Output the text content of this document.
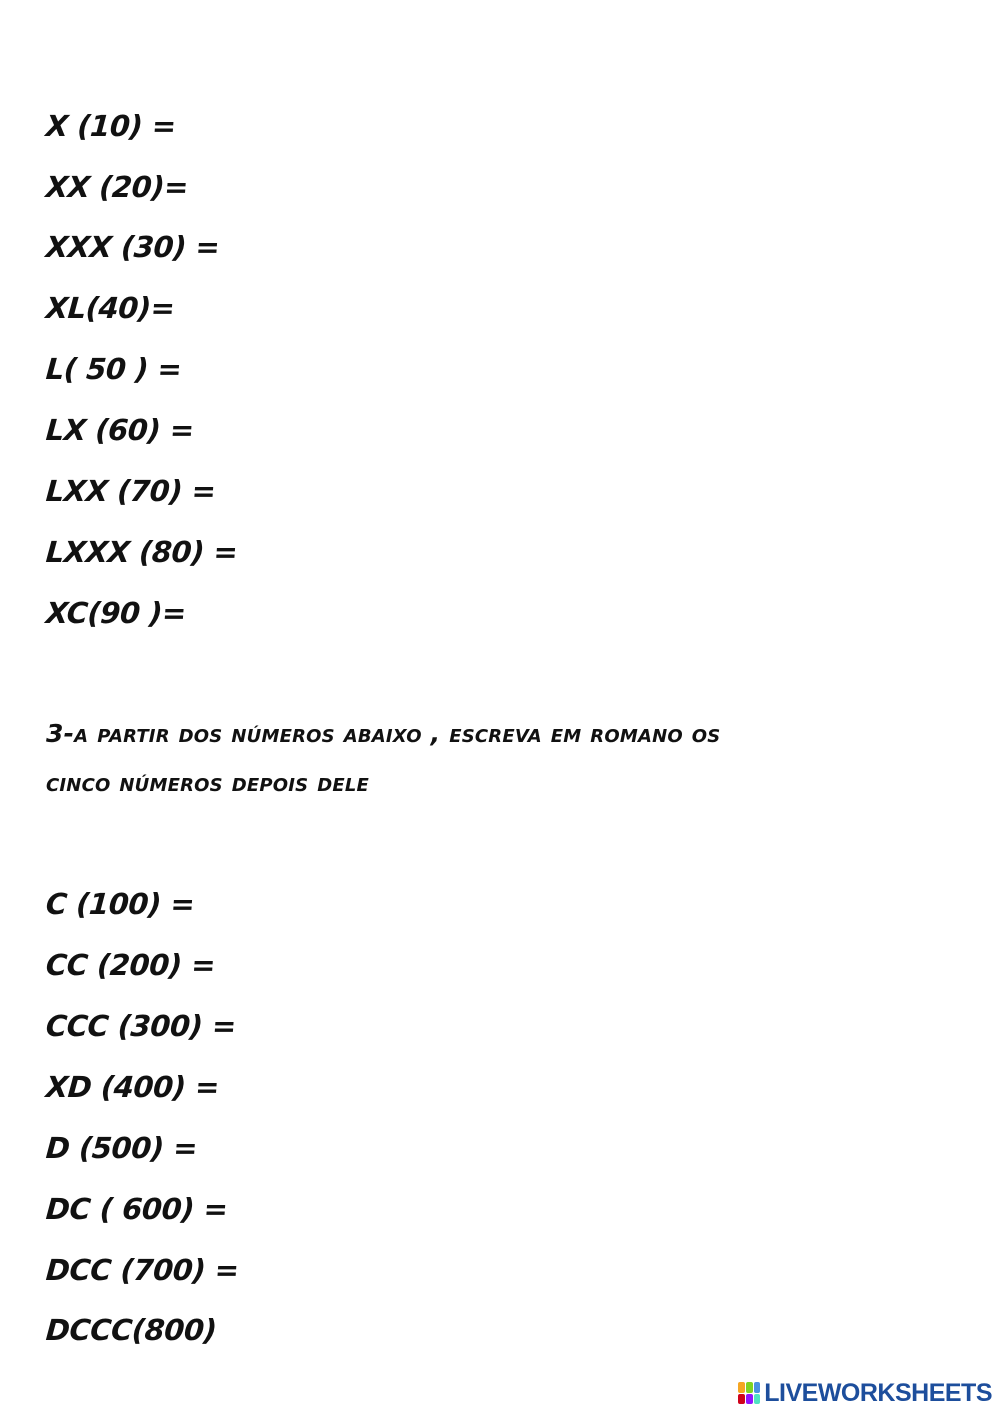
X (10) =

XX (20)=

XXX (30) =

XL(40)=

L( 50 ) =

LX (60) =

LXX (70) =

LXXX (80) =

XC(90 )=

3-a partir dos números abaixo , escreva em romano os

cinco números depois dele

C (100) =

CC (200) =

CCC (300) =

XD (400) =

D (500) =

DC ( 600) =

DCC (700) =

DCCC(800)

LIVEWORKSHEETS
